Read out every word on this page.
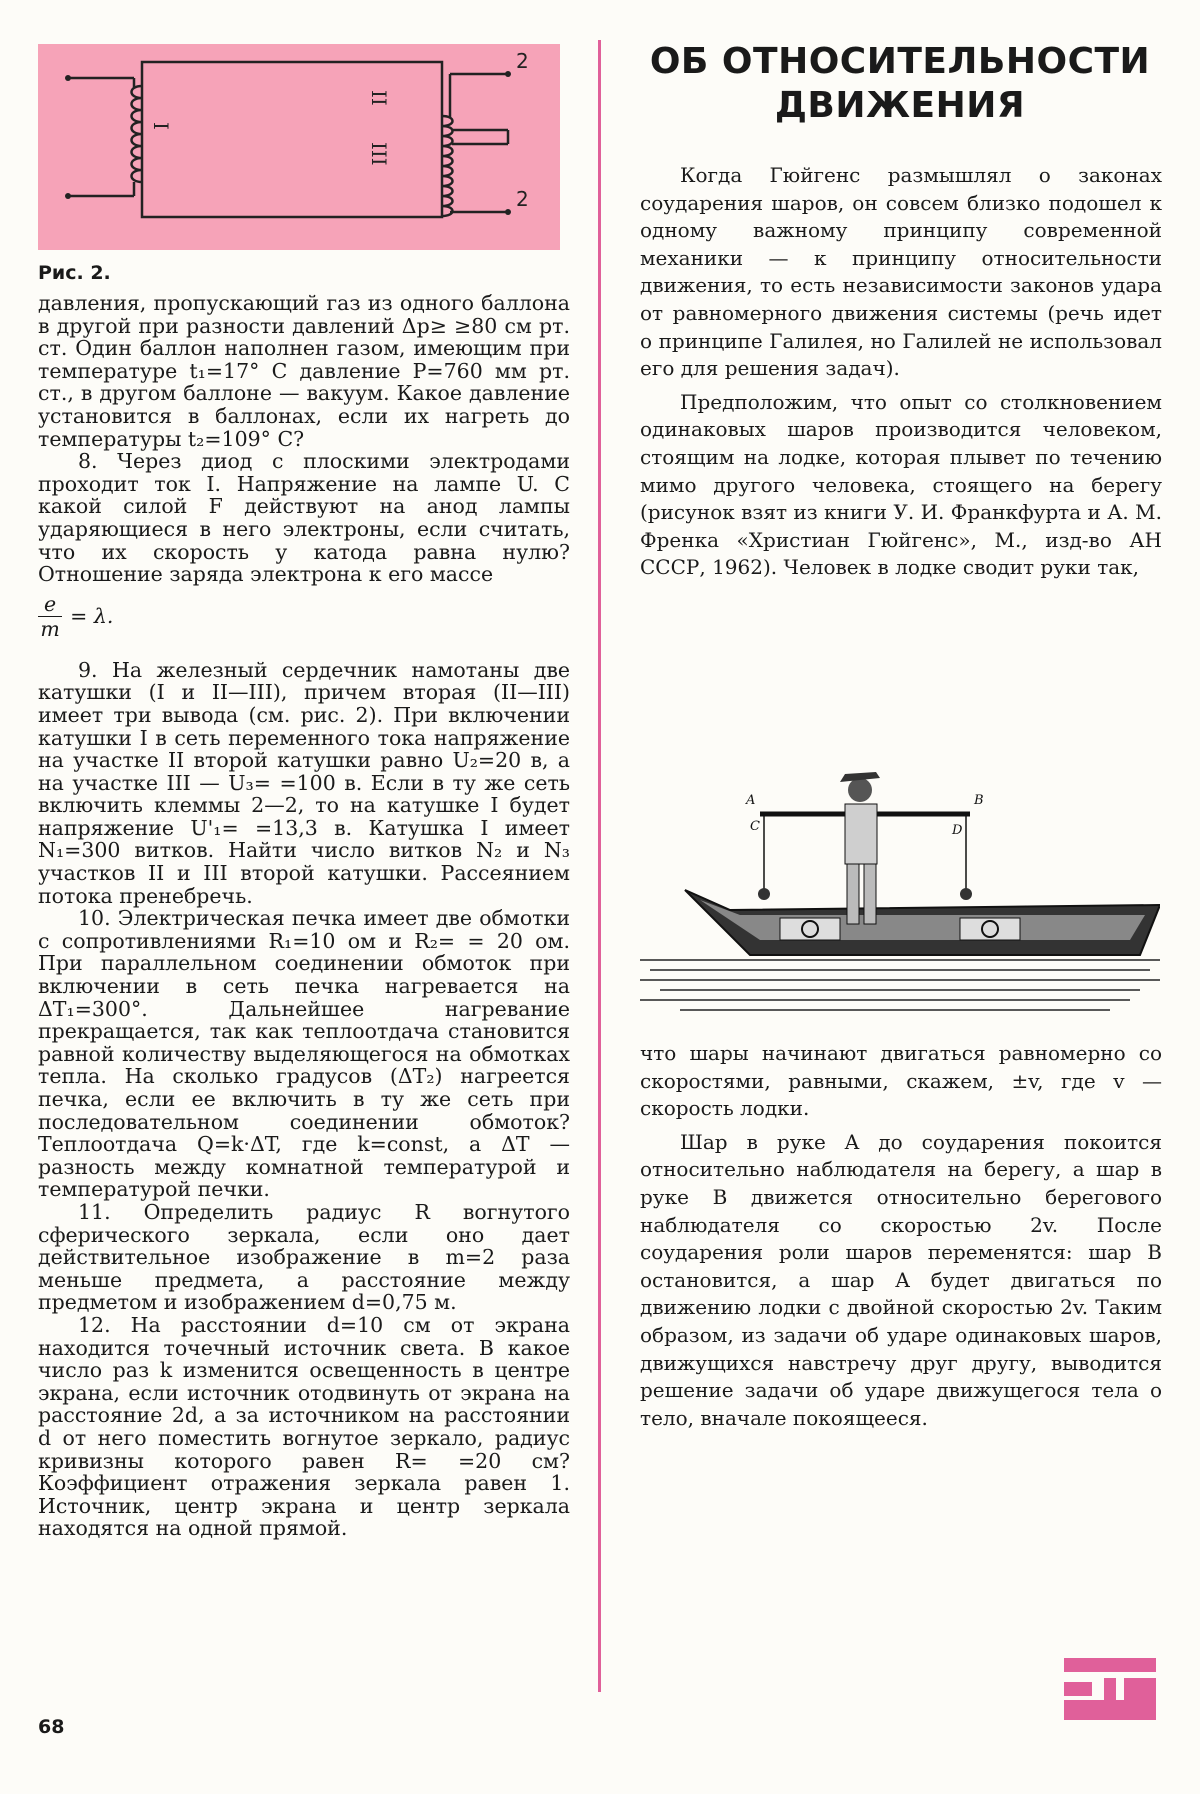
I
II
III
2
2
Рис. 2.

давления, пропускающий газ из одного баллона в другой при разности давлений Δp≥ ≥80 см рт. ст. Один баллон наполнен газом, имеющим при температуре t₁=17° C давление P=760 мм рт. ст., в другом баллоне — вакуум. Какое давление установится в баллонах, если их нагреть до температуры t₂=109° C?

8. Через диод с плоскими электродами проходит ток I. Напряжение на лампе U. С какой силой F действуют на анод лампы ударяющиеся в него электроны, если считать, что их скорость у катода равна нулю? Отношение заряда электрона к его массе

$\frac{e}{m} = \lambda$.

9. На железный сердечник намотаны две катушки (I и II—III), причем вторая (II—III) имеет три вывода (см. рис. 2). При включении катушки I в сеть переменного тока напряжение на участке II второй катушки равно U₂=20 в, а на участке III — U₃= =100 в. Если в ту же сеть включить клеммы 2—2, то на катушке I будет напряжение U'₁= =13,3 в. Катушка I имеет N₁=300 витков. Найти число витков N₂ и N₃ участков II и III второй катушки. Рассеянием потока пренебречь.

10. Электрическая печка имеет две обмотки с сопротивлениями R₁=10 ом и R₂= = 20 ом. При параллельном соединении обмоток при включении в сеть печка нагревается на ΔT₁=300°. Дальнейшее нагревание прекращается, так как теплоотдача становится равной количеству выделяющегося на обмотках тепла. На сколько градусов (ΔT₂) нагреется печка, если ее включить в ту же сеть при последовательном соединении обмоток? Теплоотдача Q=k·ΔT, где k=const, а ΔT — разность между комнатной температурой и температурой печки.

11. Определить радиус R вогнутого сферического зеркала, если оно дает действительное изображение в m=2 раза меньше предмета, а расстояние между предметом и изображением d=0,75 м.

12. На расстоянии d=10 см от экрана находится точечный источник света. В какое число раз k изменится освещенность в центре экрана, если источник отодвинуть от экрана на расстояние 2d, а за источником на расстоянии d от него поместить вогнутое зеркало, радиус кривизны которого равен R= =20 см? Коэффициент отражения зеркала равен 1. Источник, центр экрана и центр зеркала находятся на одной прямой.

ОБ ОТНОСИТЕЛЬНОСТИ
ДВИЖЕНИЯ

Когда Гюйгенс размышлял о законах соударения шаров, он совсем близко подошел к одному важному принципу современной механики — к принципу относительности движения, то есть независимости законов удара от равномерного движения системы (речь идет о принципе Галилея, но Галилей не использовал его для решения задач).

Предположим, что опыт со столкновением одинаковых шаров производится человеком, стоящим на лодке, которая плывет по течению мимо другого человека, стоящего на берегу (рисунок взят из книги У. И. Франкфурта и А. М. Френка «Христиан Гюйгенс», М., изд-во АН СССР, 1962). Человек в лодке сводит руки так,

A	B
C	D

что шары начинают двигаться равномерно со скоростями, равными, скажем, ±v, где v — скорость лодки.

Шар в руке A до соударения покоится относительно наблюдателя на берегу, а шар в руке B движется относительно берегового наблюдателя со скоростью 2v. После соударения роли шаров переменятся: шар B остановится, а шар A будет двигаться по движению лодки с двойной скоростью 2v. Таким образом, из задачи об ударе одинаковых шаров, движущихся навстречу друг другу, выводится решение задачи об ударе движущегося тела о тело, вначале покоящееся.

68
